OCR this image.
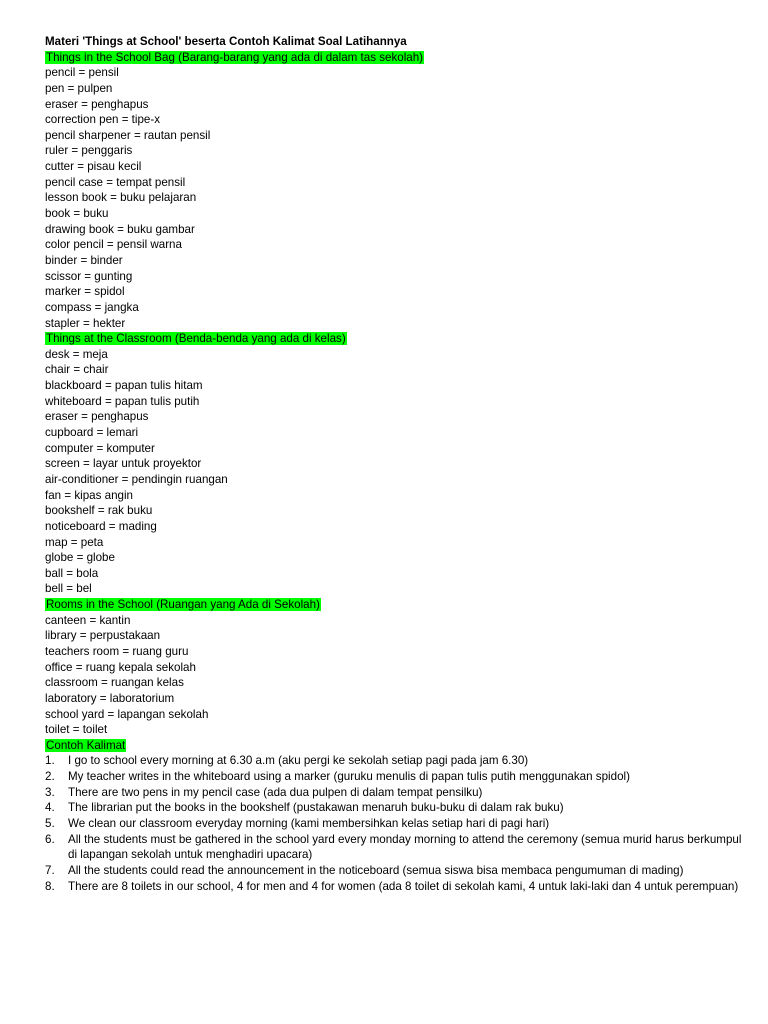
Materi 'Things at School' beserta Contoh Kalimat Soal Latihannya
Things in the School Bag (Barang-barang yang ada di dalam tas sekolah)
pencil = pensil
pen = pulpen
eraser = penghapus
correction pen = tipe-x
pencil sharpener = rautan pensil
ruler = penggaris
cutter = pisau kecil
pencil case = tempat pensil
lesson book = buku pelajaran
book = buku
drawing book = buku gambar
color pencil = pensil warna
binder = binder
scissor = gunting
marker = spidol
compass = jangka
stapler = hekter
Things at the Classroom (Benda-benda yang ada di kelas)
desk = meja
chair = chair
blackboard = papan tulis hitam
whiteboard = papan tulis putih
eraser = penghapus
cupboard = lemari
computer = komputer
screen = layar untuk proyektor
air-conditioner = pendingin ruangan
fan = kipas angin
bookshelf = rak buku
noticeboard = mading
map = peta
globe = globe
ball = bola
bell = bel
Rooms in the School (Ruangan yang Ada di Sekolah)
canteen = kantin
library = perpustakaan
teachers room = ruang guru
office = ruang kepala sekolah
classroom = ruangan kelas
laboratory = laboratorium
school yard = lapangan sekolah
toilet = toilet
Contoh Kalimat
1. I go to school every morning at 6.30 a.m (aku pergi ke sekolah setiap pagi pada jam 6.30)
2. My teacher writes in the whiteboard using a marker (guruku menulis di papan tulis putih menggunakan spidol)
3. There are two pens in my pencil case (ada dua pulpen di dalam tempat pensilku)
4. The librarian put the books in the bookshelf (pustakawan menaruh buku-buku di dalam rak buku)
5. We clean our classroom everyday morning (kami membersihkan kelas setiap hari di pagi hari)
6. All the students must be gathered in the school yard every monday morning to attend the ceremony (semua murid harus berkumpul di lapangan sekolah untuk menghadiri upacara)
7. All the students could read the announcement in the noticeboard (semua siswa bisa membaca pengumuman di mading)
8. There are 8 toilets in our school, 4 for men and 4 for women (ada 8 toilet di sekolah kami, 4 untuk laki-laki dan 4 untuk perempuan)
